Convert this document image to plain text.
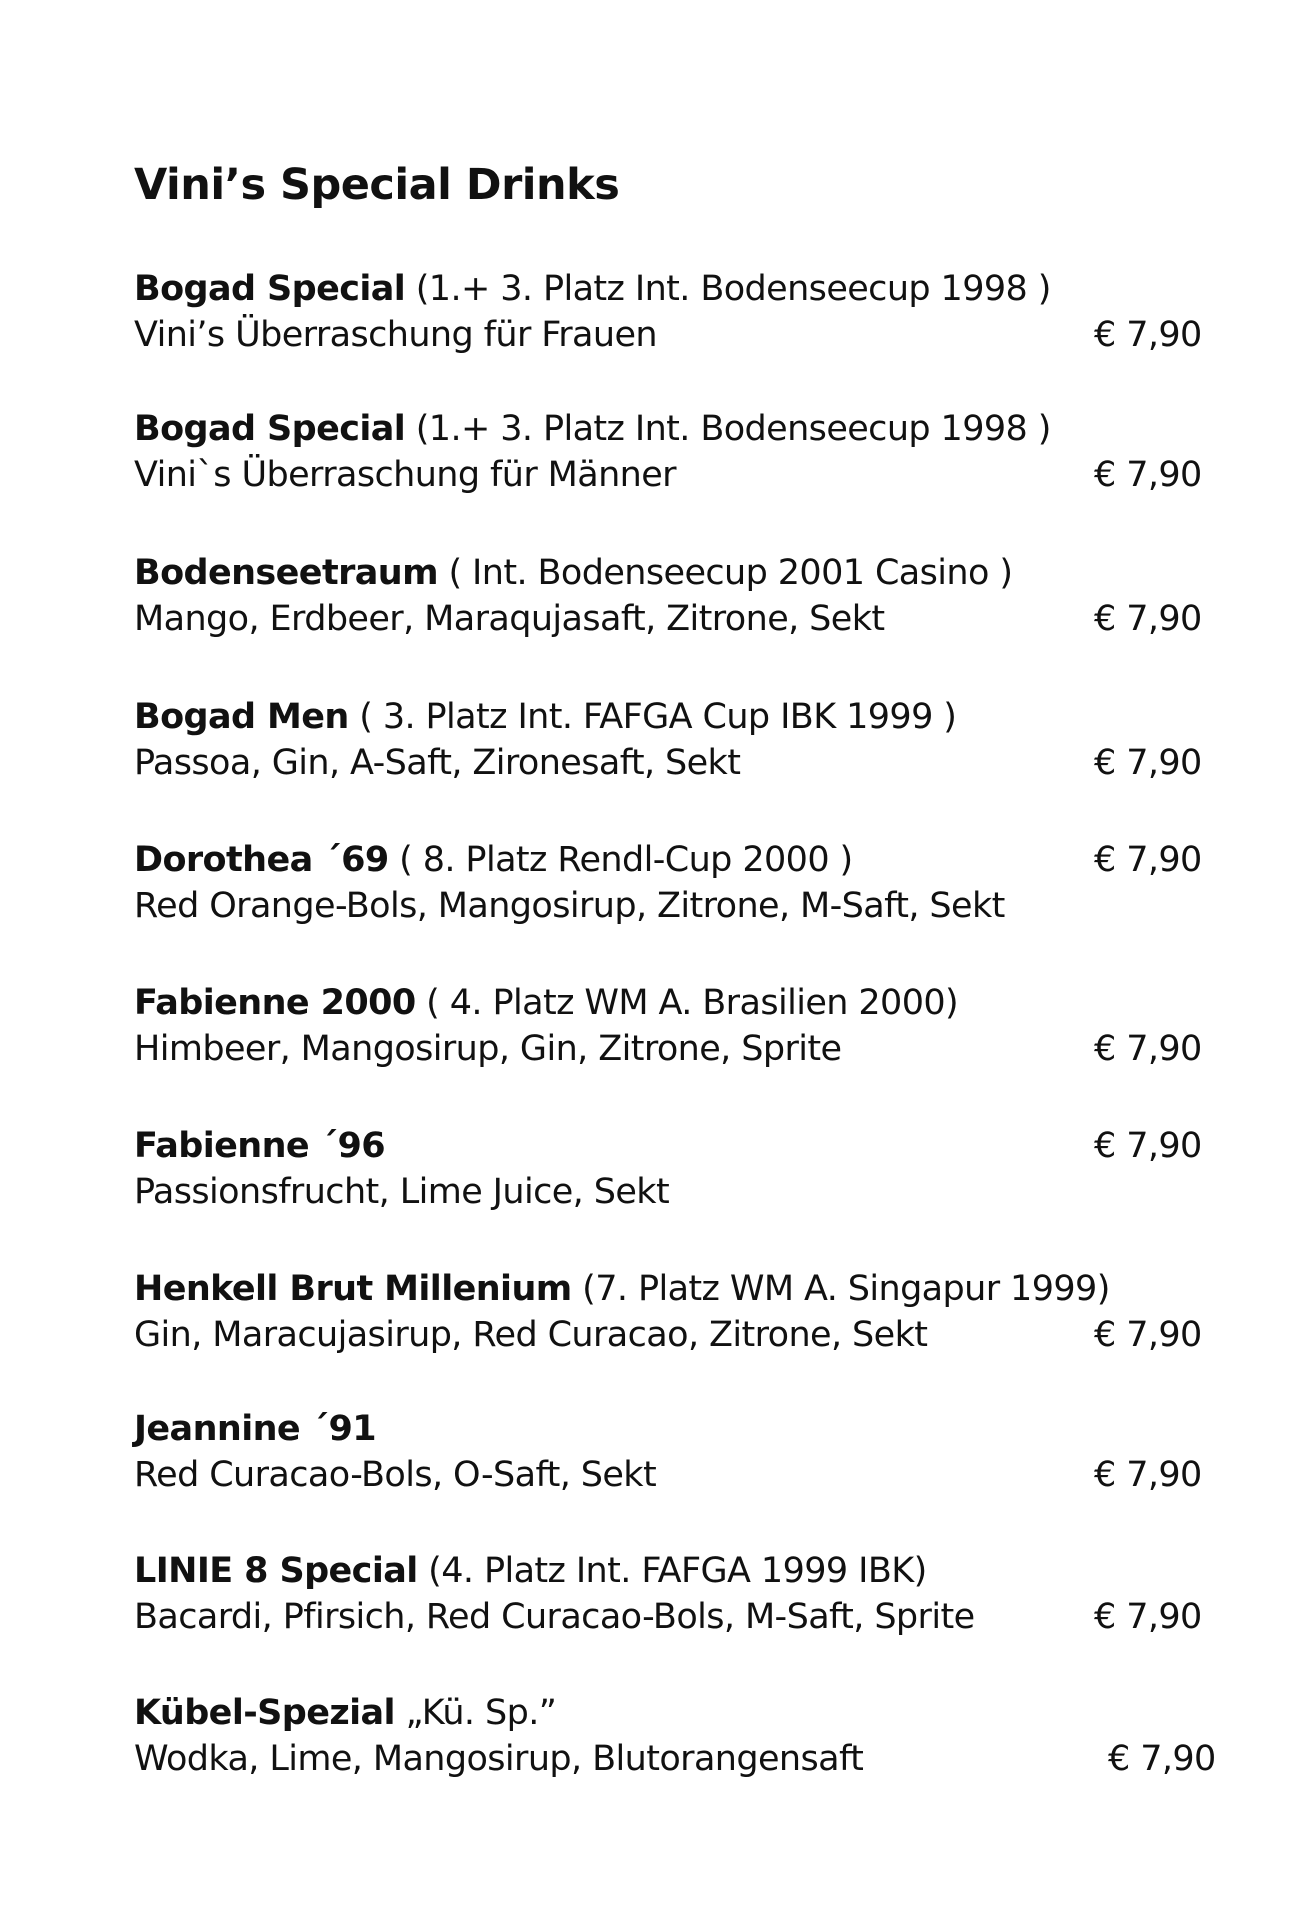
Vini’s Special Drinks
Bogad Special (1.+ 3. Platz Int. Bodenseecup 1998 )
Vini’s Überraschung für Frauen	€ 7,90
Bogad Special (1.+ 3. Platz Int. Bodenseecup 1998 )
Vini`s Überraschung für Männer	€ 7,90
Bodenseetraum ( Int. Bodenseecup 2001 Casino )
Mango, Erdbeer, Maraqujasaft, Zitrone, Sekt	€ 7,90
Bogad Men ( 3. Platz Int. FAFGA Cup IBK 1999 )
Passoa, Gin, A-Saft, Zironesaft, Sekt	€ 7,90
Dorothea ´69 ( 8. Platz Rendl-Cup 2000 )
Red Orange-Bols, Mangosirup, Zitrone, M-Saft, Sekt
€ 7,90
Fabienne 2000 ( 4. Platz WM A. Brasilien 2000)
Himbeer, Mangosirup, Gin, Zitrone, Sprite	€ 7,90
Fabienne ´96
Passionsfrucht, Lime Juice, Sekt
€ 7,90
Henkell Brut Millenium (7. Platz WM A. Singapur 1999)
Gin, Maracujasirup, Red Curacao, Zitrone, Sekt	€ 7,90
Jeannine ´91
Red Curacao-Bols, O-Saft, Sekt	€ 7,90
LINIE 8 Special (4. Platz Int. FAFGA 1999 IBK)
Bacardi, Pfirsich, Red Curacao-Bols, M-Saft, Sprite	€ 7,90
Kübel-Spezial „Kü. Sp.”
Wodka, Lime, Mangosirup, Blutorangensaft	€ 7,90
